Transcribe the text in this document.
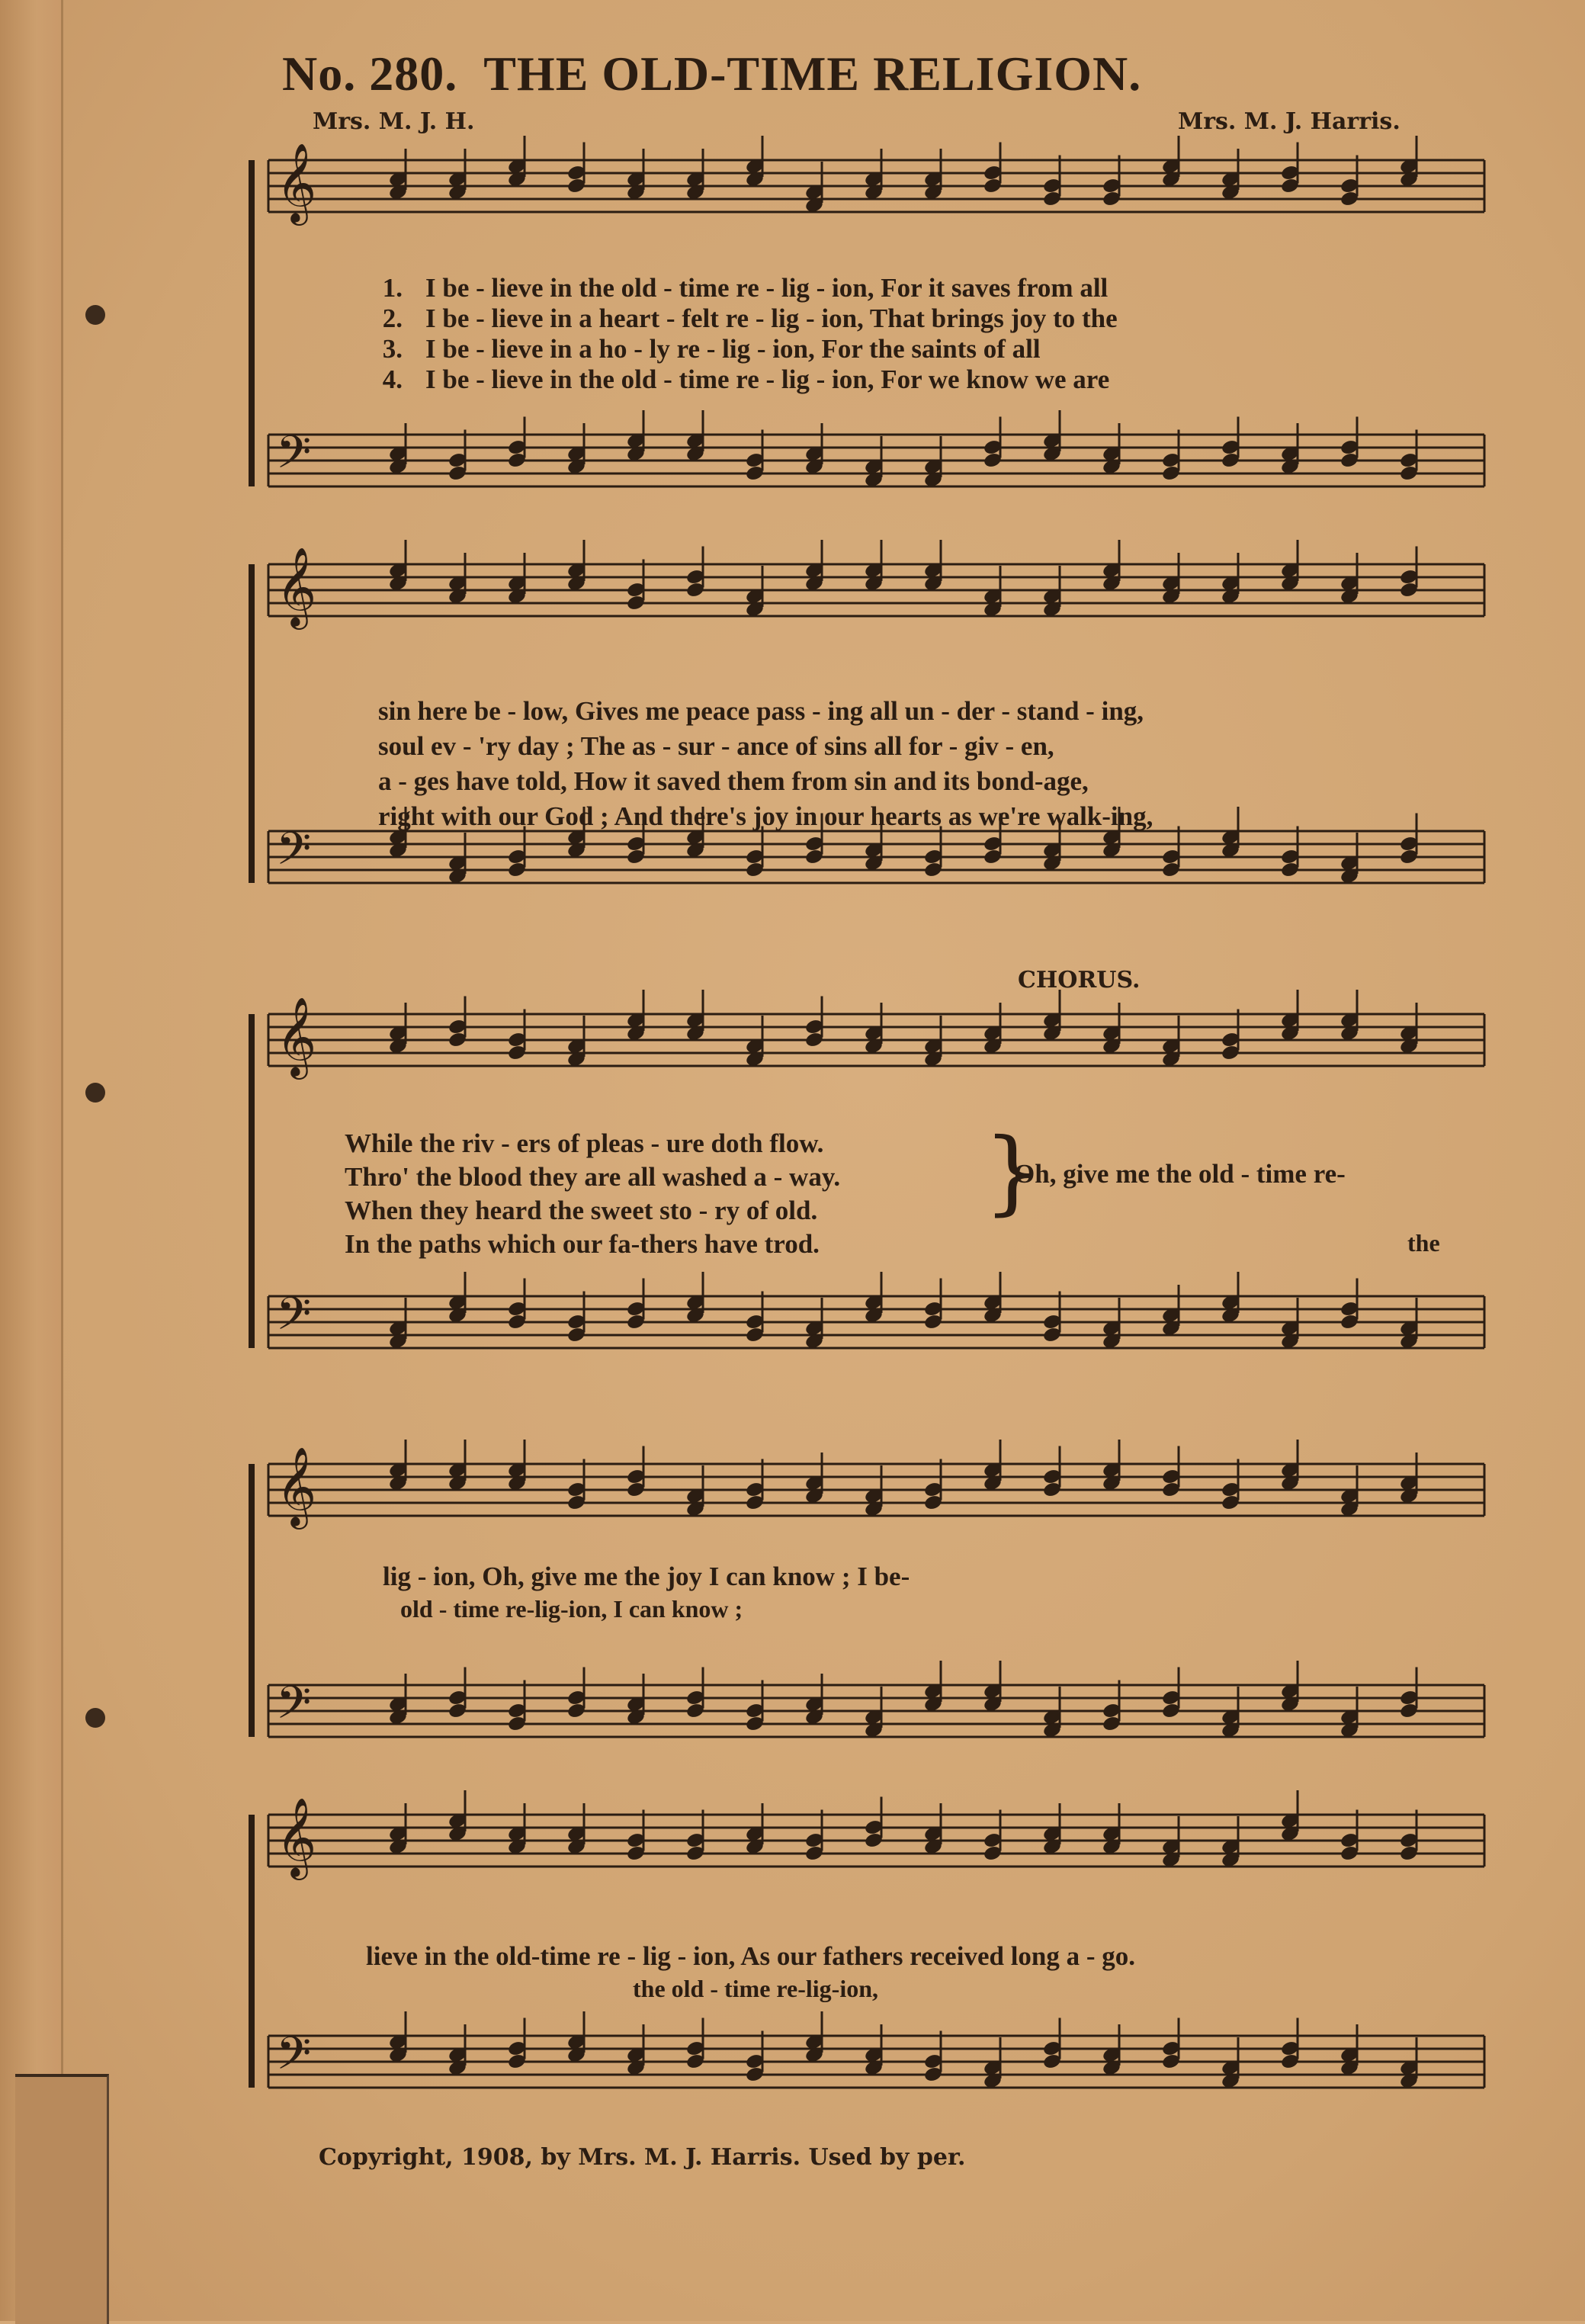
No. 280. THE OLD-TIME RELIGION.
Mrs. M. J. H.	Mrs. M. J. Harris.
𝄞
𝄢
1. I be - lieve in the old - time re - lig - ion, For it saves from all
2. I be - lieve in a heart - felt re - lig - ion, That brings joy to the
3. I be - lieve in a ho - ly re - lig - ion, For the saints of all
4. I be - lieve in the old - time re - lig - ion, For we know we are
𝄞
𝄢
sin here be - low, Gives me peace pass - ing all un - der - stand - ing,
soul ev - 'ry day ; The as - sur - ance of sins all for - giv - en,
a - ges have told, How it saved them from sin and its bond-age,
right with our God ; And there's joy in our hearts as we're walk-ing,
CHORUS.
𝄞
𝄢
While the riv - ers of pleas - ure doth flow.
Thro' the blood they are all washed a - way.
When they heard the sweet sto - ry of old.
In the paths which our fa-thers have trod.
}
Oh, give me the old - time re-
the
𝄞
𝄢
lig - ion, Oh, give me the joy I can know ; I be-
old - time re-lig-ion, I can know ;
𝄞
𝄢
lieve in the old-time re - lig - ion, As our fathers received long a - go.
the old - time re-lig-ion,
Copyright, 1908, by Mrs. M. J. Harris. Used by per.
